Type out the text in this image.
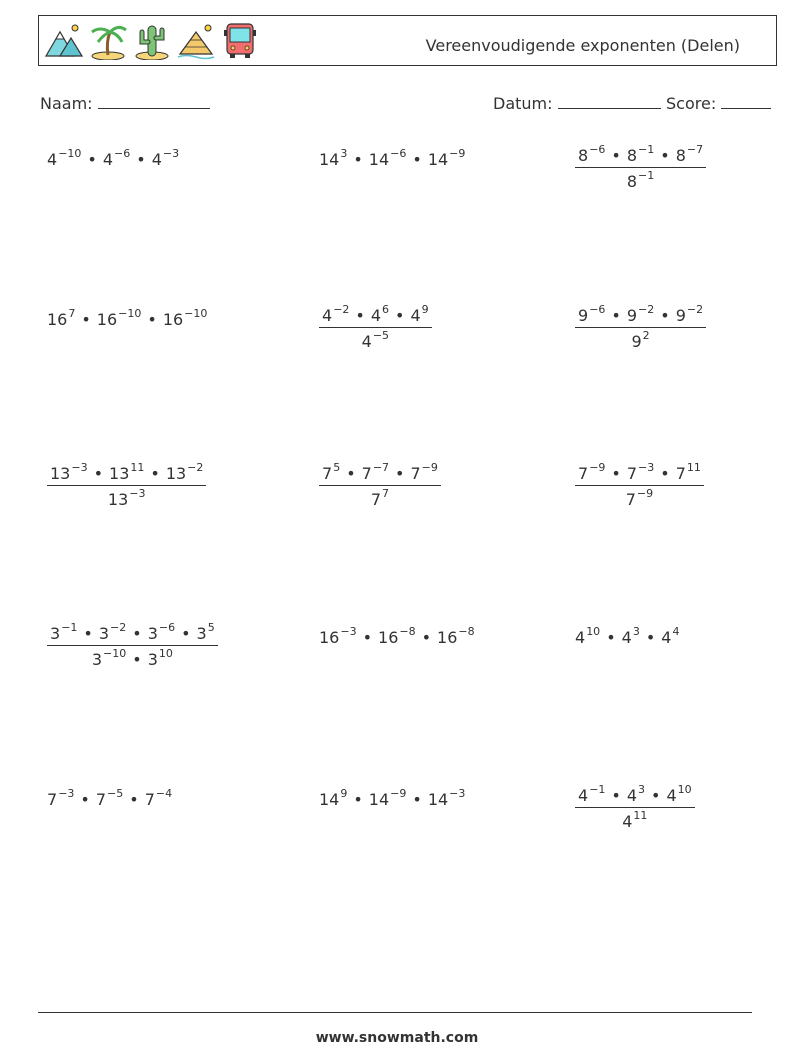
Vereenvoudigende exponenten (Delen)
Naam:	Datum:	Score:
$4^{-10}$ • $4^{-6}$ • $4^{-3}$	$14^3$ • $14^{-6}$ • $14^{-9}$	$\frac{8^{-6} • 8^{-1} • 8^{-7}}{8^{-1}}$
$16^7$ • $16^{-10}$ • $16^{-10}$	$\frac{4^{-2} • 4^6 • 4^9}{4^{-5}}$	$\frac{9^{-6} • 9^{-2} • 9^{-2}}{9^2}$
$\frac{13^{-3} • 13^{11} • 13^{-2}}{13^{-3}}$	$\frac{7^5 • 7^{-7} • 7^{-9}}{7^7}$	$\frac{7^{-9} • 7^{-3} • 7^{11}}{7^{-9}}$
$\frac{3^{-1} • 3^{-2} • 3^{-6} • 3^5}{3^{-10} • 3^{10}}$	$16^{-3}$ • $16^{-8}$ • $16^{-8}$	$4^{10}$ • $4^3$ • $4^4$
$7^{-3}$ • $7^{-5}$ • $7^{-4}$	$14^9$ • $14^{-9}$ • $14^{-3}$	$\frac{4^{-1} • 4^3 • 4^{10}}{4^{11}}$
www.snowmath.com
